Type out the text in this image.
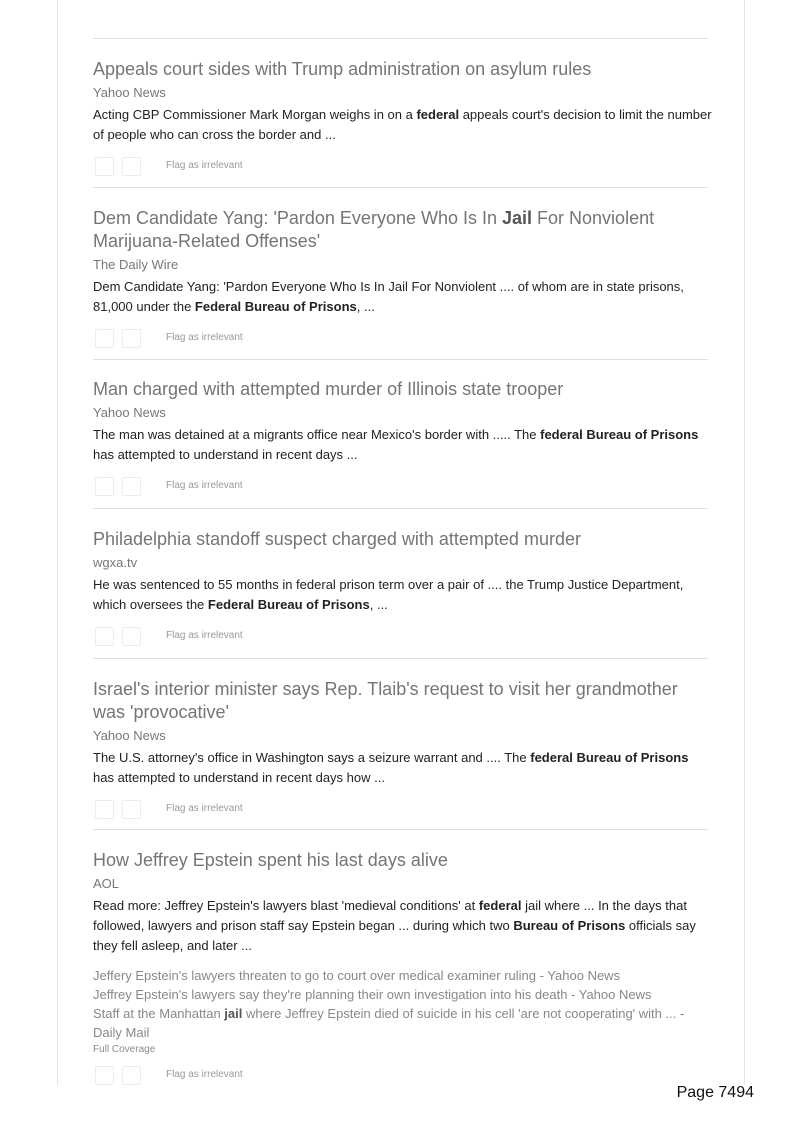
Appeals court sides with Trump administration on asylum rules
Yahoo News
Acting CBP Commissioner Mark Morgan weighs in on a federal appeals court's decision to limit the number of people who can cross the border and ...
Flag as irrelevant
Dem Candidate Yang: 'Pardon Everyone Who Is In Jail For Nonviolent Marijuana-Related Offenses'
The Daily Wire
Dem Candidate Yang: 'Pardon Everyone Who Is In Jail For Nonviolent .... of whom are in state prisons, 81,000 under the Federal Bureau of Prisons, ...
Flag as irrelevant
Man charged with attempted murder of Illinois state trooper
Yahoo News
The man was detained at a migrants office near Mexico's border with ..... The federal Bureau of Prisons has attempted to understand in recent days ...
Flag as irrelevant
Philadelphia standoff suspect charged with attempted murder
wgxa.tv
He was sentenced to 55 months in federal prison term over a pair of .... the Trump Justice Department, which oversees the Federal Bureau of Prisons, ...
Flag as irrelevant
Israel's interior minister says Rep. Tlaib's request to visit her grandmother was 'provocative'
Yahoo News
The U.S. attorney's office in Washington says a seizure warrant and .... The federal Bureau of Prisons has attempted to understand in recent days how ...
Flag as irrelevant
How Jeffrey Epstein spent his last days alive
AOL
Read more: Jeffrey Epstein's lawyers blast 'medieval conditions' at federal jail where ... In the days that followed, lawyers and prison staff say Epstein began ... during which two Bureau of Prisons officials say they fell asleep, and later ...
Jeffery Epstein's lawyers threaten to go to court over medical examiner ruling - Yahoo News
Jeffrey Epstein's lawyers say they're planning their own investigation into his death - Yahoo News
Staff at the Manhattan jail where Jeffrey Epstein died of suicide in his cell 'are not cooperating' with ... - Daily Mail
Full Coverage
Flag as irrelevant
Page 7494
